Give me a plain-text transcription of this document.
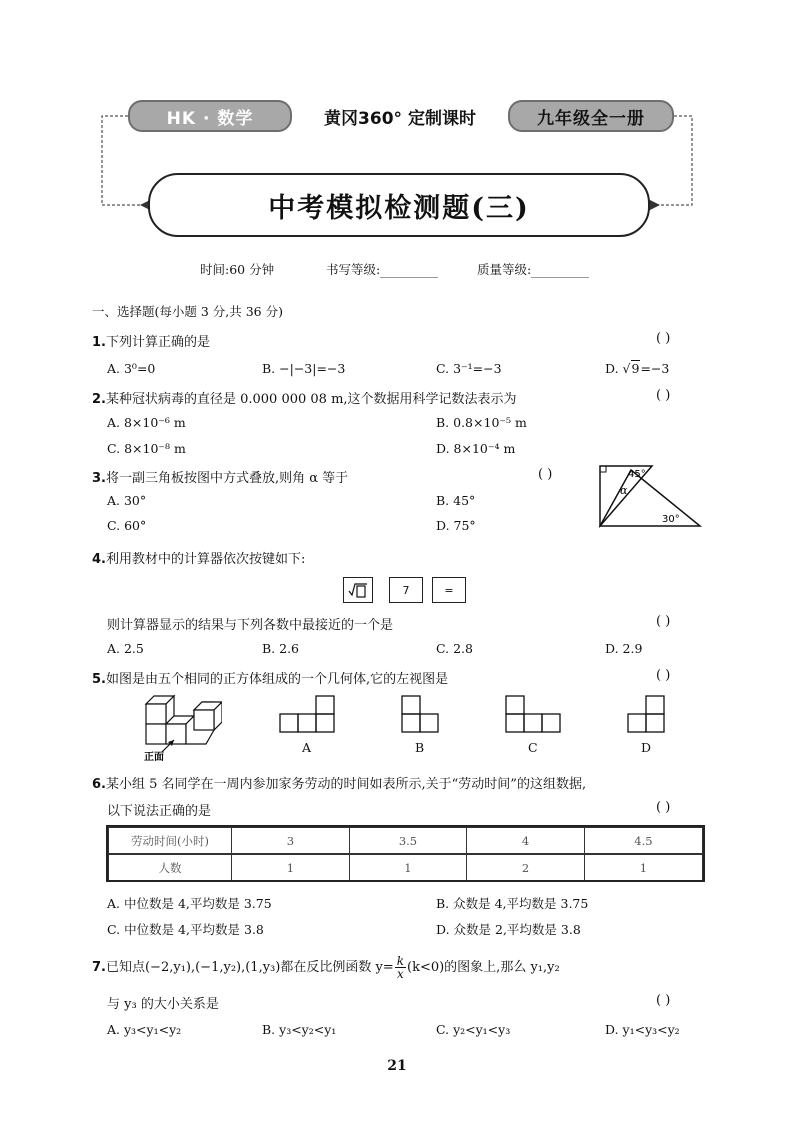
HK · 数学	黄冈360° 定制课时	九年级全一册
中考模拟检测题(三)
时间:60 分钟	书写等级:	质量等级:
一、选择题(每小题 3 分,共 36 分)
1.下列计算正确的是	( )
A. 3⁰=0	B. −|−3|=−3	C. 3⁻¹=−3	D. √9=−3
2.某种冠状病毒的直径是 0.000 000 08 m,这个数据用科学记数法表示为	( )
A. 8×10⁻⁶ m	B. 0.8×10⁻⁵ m
C. 8×10⁻⁸ m	D. 8×10⁻⁴ m
3.将一副三角板按图中方式叠放,则角 α 等于	( )
A. 30°	B. 45°
C. 60°	D. 75°
45°
α
30°
4.利用教材中的计算器依次按键如下:
7	=
则计算器显示的结果与下列各数中最接近的一个是	( )
A. 2.5	B. 2.6	C. 2.8	D. 2.9
5.如图是由五个相同的正方体组成的一个几何体,它的左视图是	( )
正面
A	B	C	D
6.某小组 5 名同学在一周内参加家务劳动的时间如表所示,关于“劳动时间”的这组数据,
以下说法正确的是	( )
劳动时间(小时)	3	3.5	4	4.5
人数	1	1	2	1
A. 中位数是 4,平均数是 3.75	B. 众数是 4,平均数是 3.75
C. 中位数是 4,平均数是 3.8	D. 众数是 2,平均数是 3.8
7.已知点(−2,y₁),(−1,y₂),(1,y₃)都在反比例函数 $y= \frac{k}{x} (k<0)$的图象上,那么 y₁,y₂
与 y₃ 的大小关系是	( )
A. y₃<y₁<y₂	B. y₃<y₂<y₁	C. y₂<y₁<y₃	D. y₁<y₃<y₂
21
